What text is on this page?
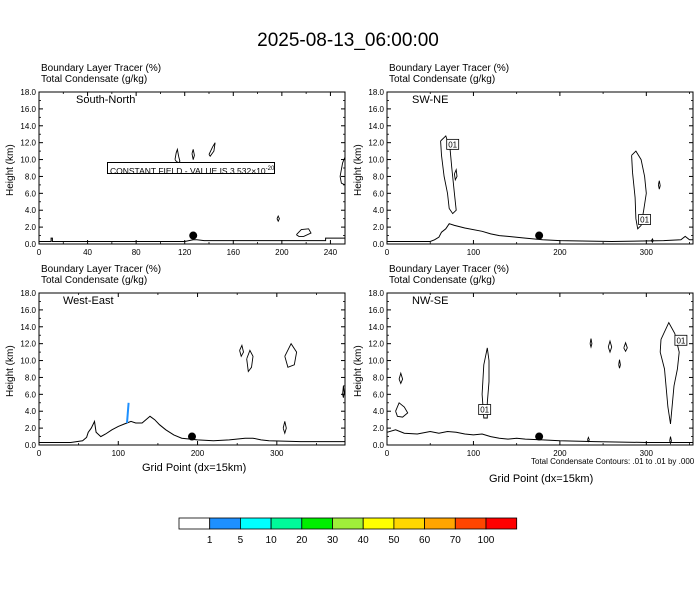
2025-08-13_06:00:00
0.0
2.0
4.0
6.0
8.0
10.0
12.0
14.0
16.0
18.0
0	40	80	120	160	200	240
01
01
0.0
2.0
4.0
6.0
8.0
10.0
12.0
14.0
16.0
18.0
0	100	200	300
0.0
2.0
4.0
6.0
8.0
10.0
12.0
14.0
16.0
18.0
0	100	200	300
01
01
0.0
2.0
4.0
6.0
8.0
10.0
12.0
14.0
16.0
18.0
0	100	200	300
1	5 10 20 30 40 50 60 70 100
Boundary Layer Tracer (%)
Total Condensate (g/kg)
Boundary Layer Tracer (%)
Total Condensate (g/kg)
Boundary Layer Tracer (%)
Total Condensate (g/kg)
Boundary Layer Tracer (%)
Total Condensate (g/kg)
South-North	SW-NE
West-East	NW-SE
Height (km)	Height (km)
Height (km)	Height (km)
Grid Point (dx=15km)
Grid Point (dx=15km)
Total Condensate Contours: .01 to .01 by .000
CONSTANT FIELD - VALUE IS $3.532\times 10^{-20}$
